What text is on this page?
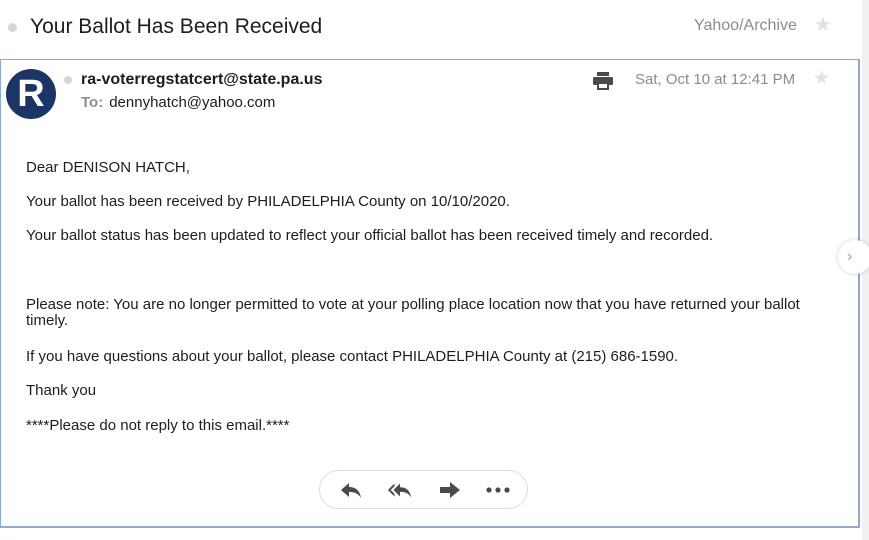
Your Ballot Has Been Received	Yahoo/Archive ★
R ra-voterregstatcert@state.pa.us
To: dennyhatch@yahoo.com
Sat, Oct 10 at 12:41 PM ★
Dear DENISON HATCH,
Your ballot has been received by PHILADELPHIA County on 10/10/2020.
Your ballot status has been updated to reflect your official ballot has been received timely and recorded.
Please note: You are no longer permitted to vote at your polling place location now that you have returned your ballot timely.
If you have questions about your ballot, please contact PHILADELPHIA County at (215) 686-1590.
Thank you
****Please do not reply to this email.****
›
